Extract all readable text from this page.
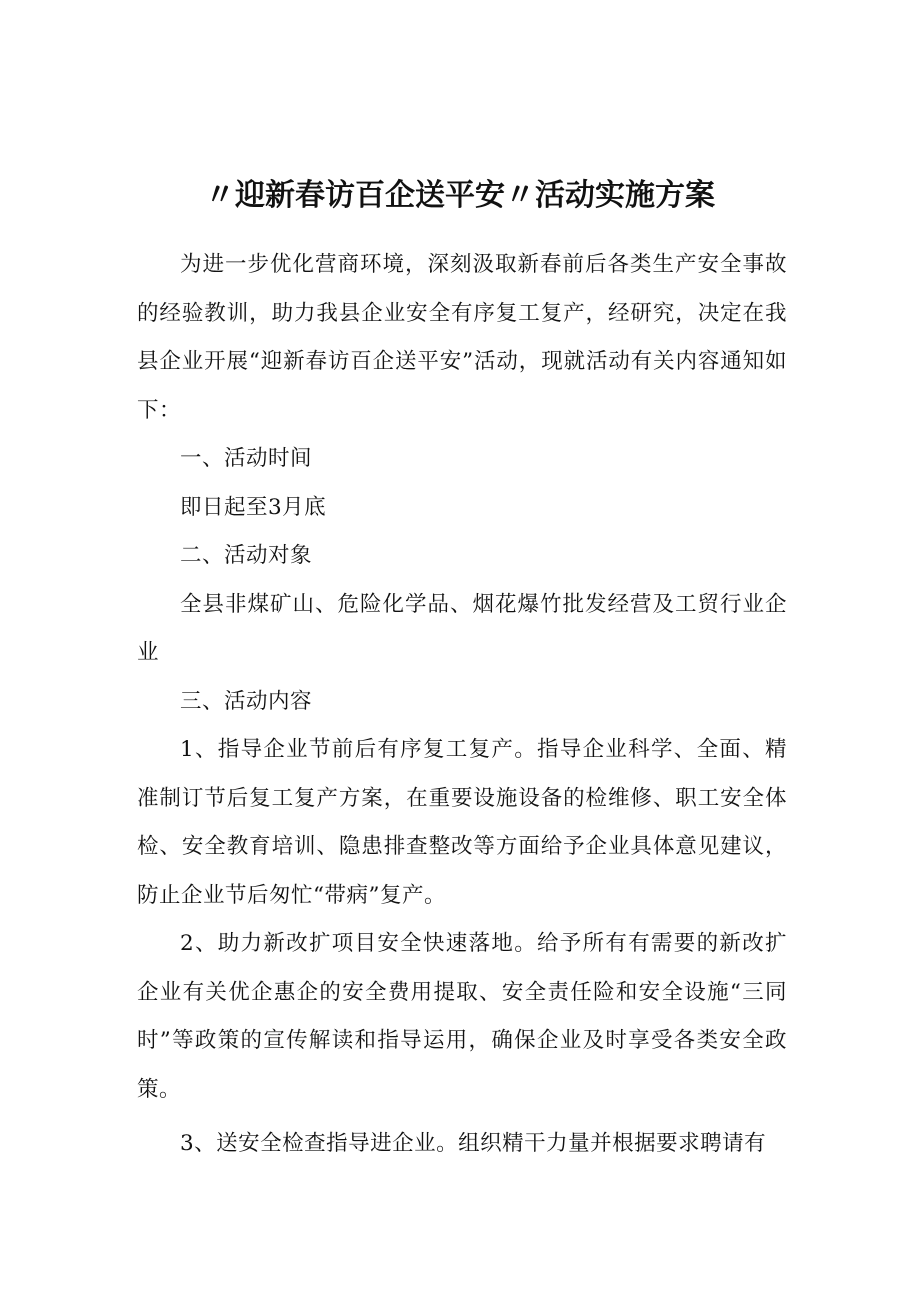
〃迎新春访百企送平安〃活动实施方案

为进一步优化营商环境，深刻汲取新春前后各类生产安全事故的经验教训，助力我县企业安全有序复工复产，经研究，决定在我县企业开展“迎新春访百企送平安”活动，现就活动有关内容通知如下：

一、活动时间

即日起至3月底

二、活动对象

全县非煤矿山、危险化学品、烟花爆竹批发经营及工贸行业企业

三、活动内容

1、指导企业节前后有序复工复产。指导企业科学、全面、精准制订节后复工复产方案，在重要设施设备的检维修、职工安全体检、安全教育培训、隐患排查整改等方面给予企业具体意见建议，防止企业节后匆忙“带病”复产。

2、助力新改扩项目安全快速落地。给予所有有需要的新改扩企业有关优企惠企的安全费用提取、安全责任险和安全设施“三同时”等政策的宣传解读和指导运用，确保企业及时享受各类安全政策。

3、送安全检查指导进企业。组织精干力量并根据要求聘请有
